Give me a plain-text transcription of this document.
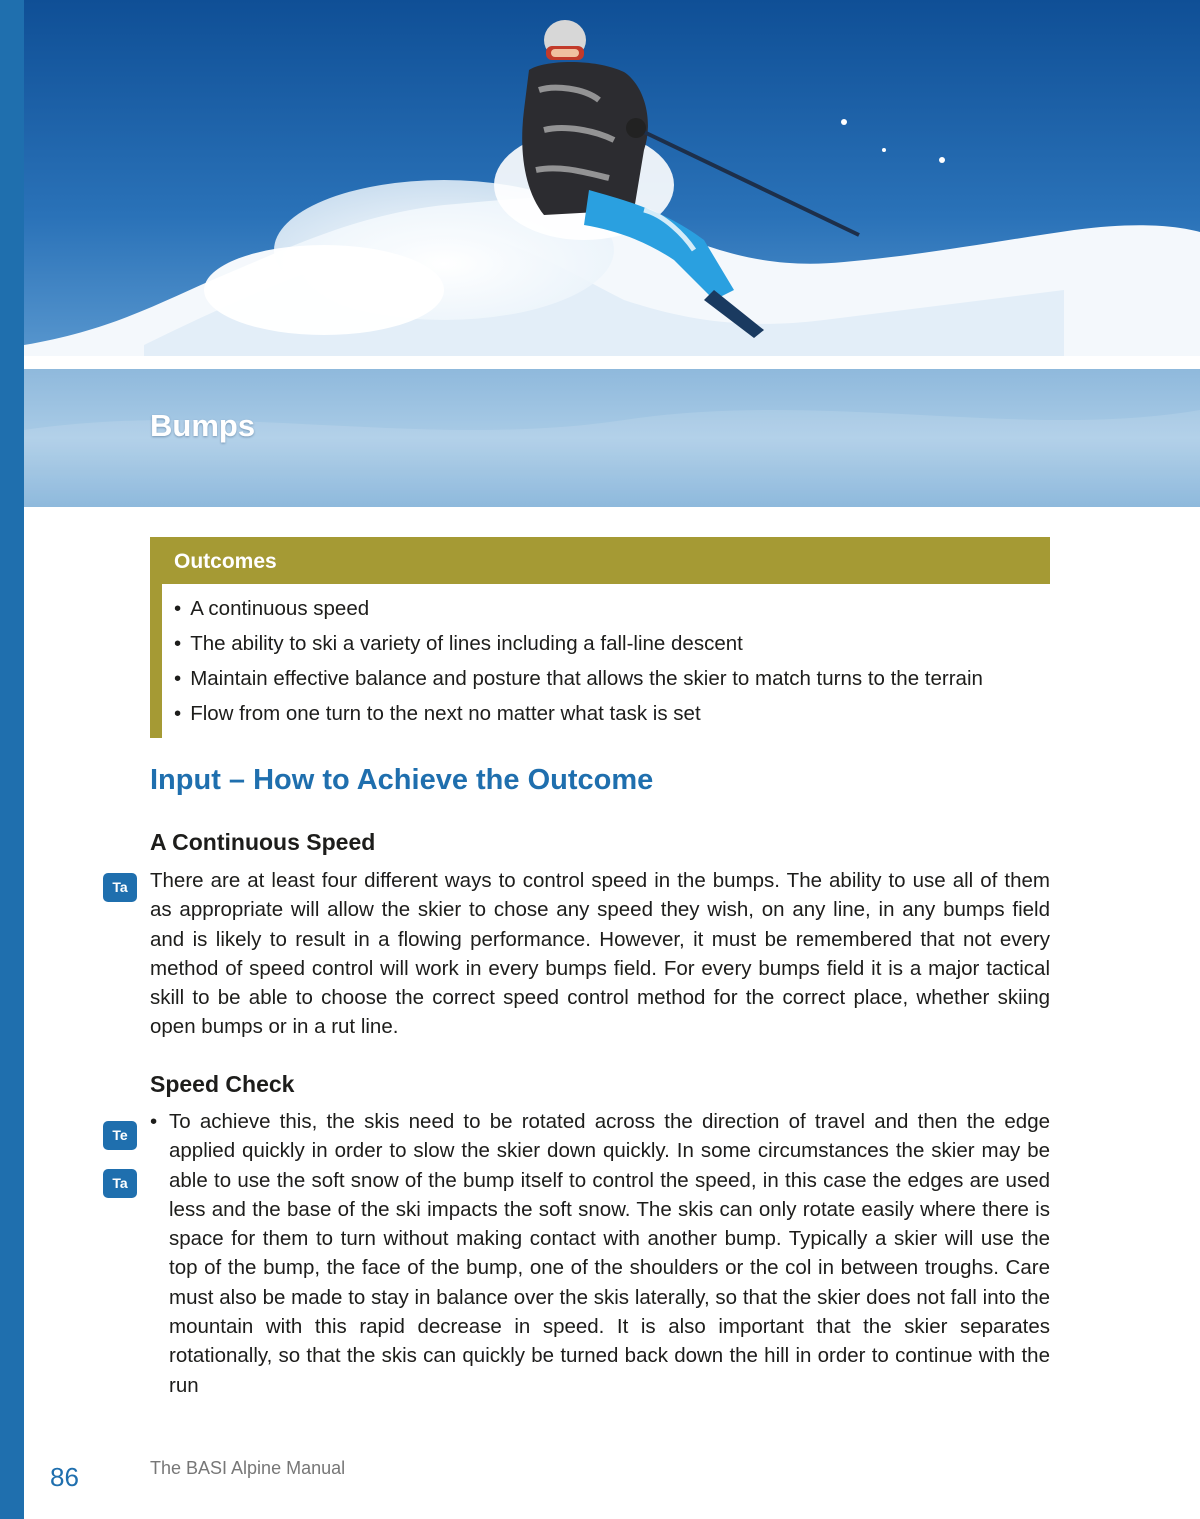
Bumps
Outcomes
• A continuous speed
• The ability to ski a variety of lines including a fall-line descent
• Maintain effective balance and posture that allows the skier to match turns to the terrain
• Flow from one turn to the next no matter what task is set
Input – How to Achieve the Outcome
A Continuous Speed
Ta	There are at least four different ways to control speed in the bumps. The ability to use all of them as appropriate will allow the skier to chose any speed they wish, on any line, in any bumps field and is likely to result in a flowing performance. However, it must be remembered that not every method of speed control will work in every bumps field. For every bumps field it is a major tactical skill to be able to choose the correct speed control method for the correct place, whether skiing open bumps or in a rut line.

Speed Check
Te
Ta
• To achieve this, the skis need to be rotated across the direction of travel and then the edge applied quickly in order to slow the skier down quickly. In some circumstances the skier may be able to use the soft snow of the bump itself to control the speed, in this case the edges are used less and the base of the ski impacts the soft snow. The skis can only rotate easily where there is space for them to turn without making contact with another bump. Typically a skier will use the top of the bump, the face of the bump, one of the shoulders or the col in between troughs. Care must also be made to stay in balance over the skis laterally, so that the skier does not fall into the mountain with this rapid decrease in speed. It is also important that the skier separates rotationally, so that the skis can quickly be turned back down the hill in order to continue with the run
86	The BASI Alpine Manual
